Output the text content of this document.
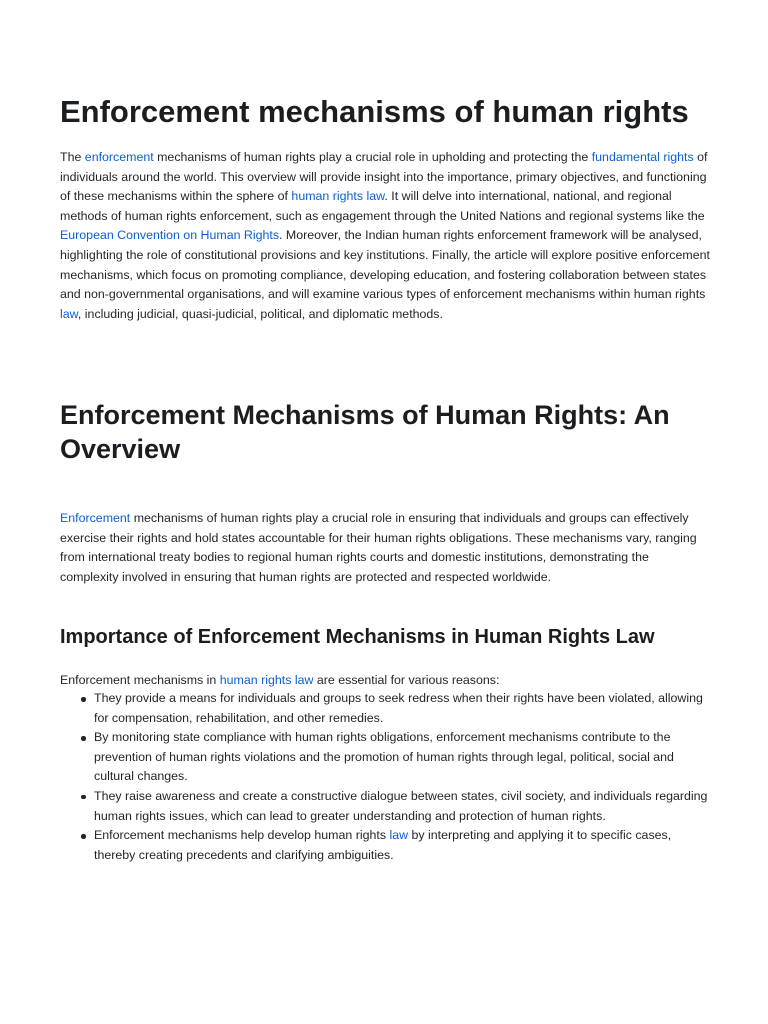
Enforcement mechanisms of human rights

The enforcement mechanisms of human rights play a crucial role in upholding and protecting the fundamental rights of individuals around the world. This overview will provide insight into the importance, primary objectives, and functioning of these mechanisms within the sphere of human rights law. It will delve into international, national, and regional methods of human rights enforcement, such as engagement through the United Nations and regional systems like the European Convention on Human Rights. Moreover, the Indian human rights enforcement framework will be analysed, highlighting the role of constitutional provisions and key institutions. Finally, the article will explore positive enforcement mechanisms, which focus on promoting compliance, developing education, and fostering collaboration between states and non-governmental organisations, and will examine various types of enforcement mechanisms within human rights law, including judicial, quasi-judicial, political, and diplomatic methods.

Enforcement Mechanisms of Human Rights: An Overview

Enforcement mechanisms of human rights play a crucial role in ensuring that individuals and groups can effectively exercise their rights and hold states accountable for their human rights obligations. These mechanisms vary, ranging from international treaty bodies to regional human rights courts and domestic institutions, demonstrating the complexity involved in ensuring that human rights are protected and respected worldwide.

Importance of Enforcement Mechanisms in Human Rights Law

Enforcement mechanisms in human rights law are essential for various reasons:

They provide a means for individuals and groups to seek redress when their rights have been violated, allowing for compensation, rehabilitation, and other remedies.
By monitoring state compliance with human rights obligations, enforcement mechanisms contribute to the prevention of human rights violations and the promotion of human rights through legal, political, social and cultural changes.
They raise awareness and create a constructive dialogue between states, civil society, and individuals regarding human rights issues, which can lead to greater understanding and protection of human rights.
Enforcement mechanisms help develop human rights law by interpreting and applying it to specific cases, thereby creating precedents and clarifying ambiguities.
